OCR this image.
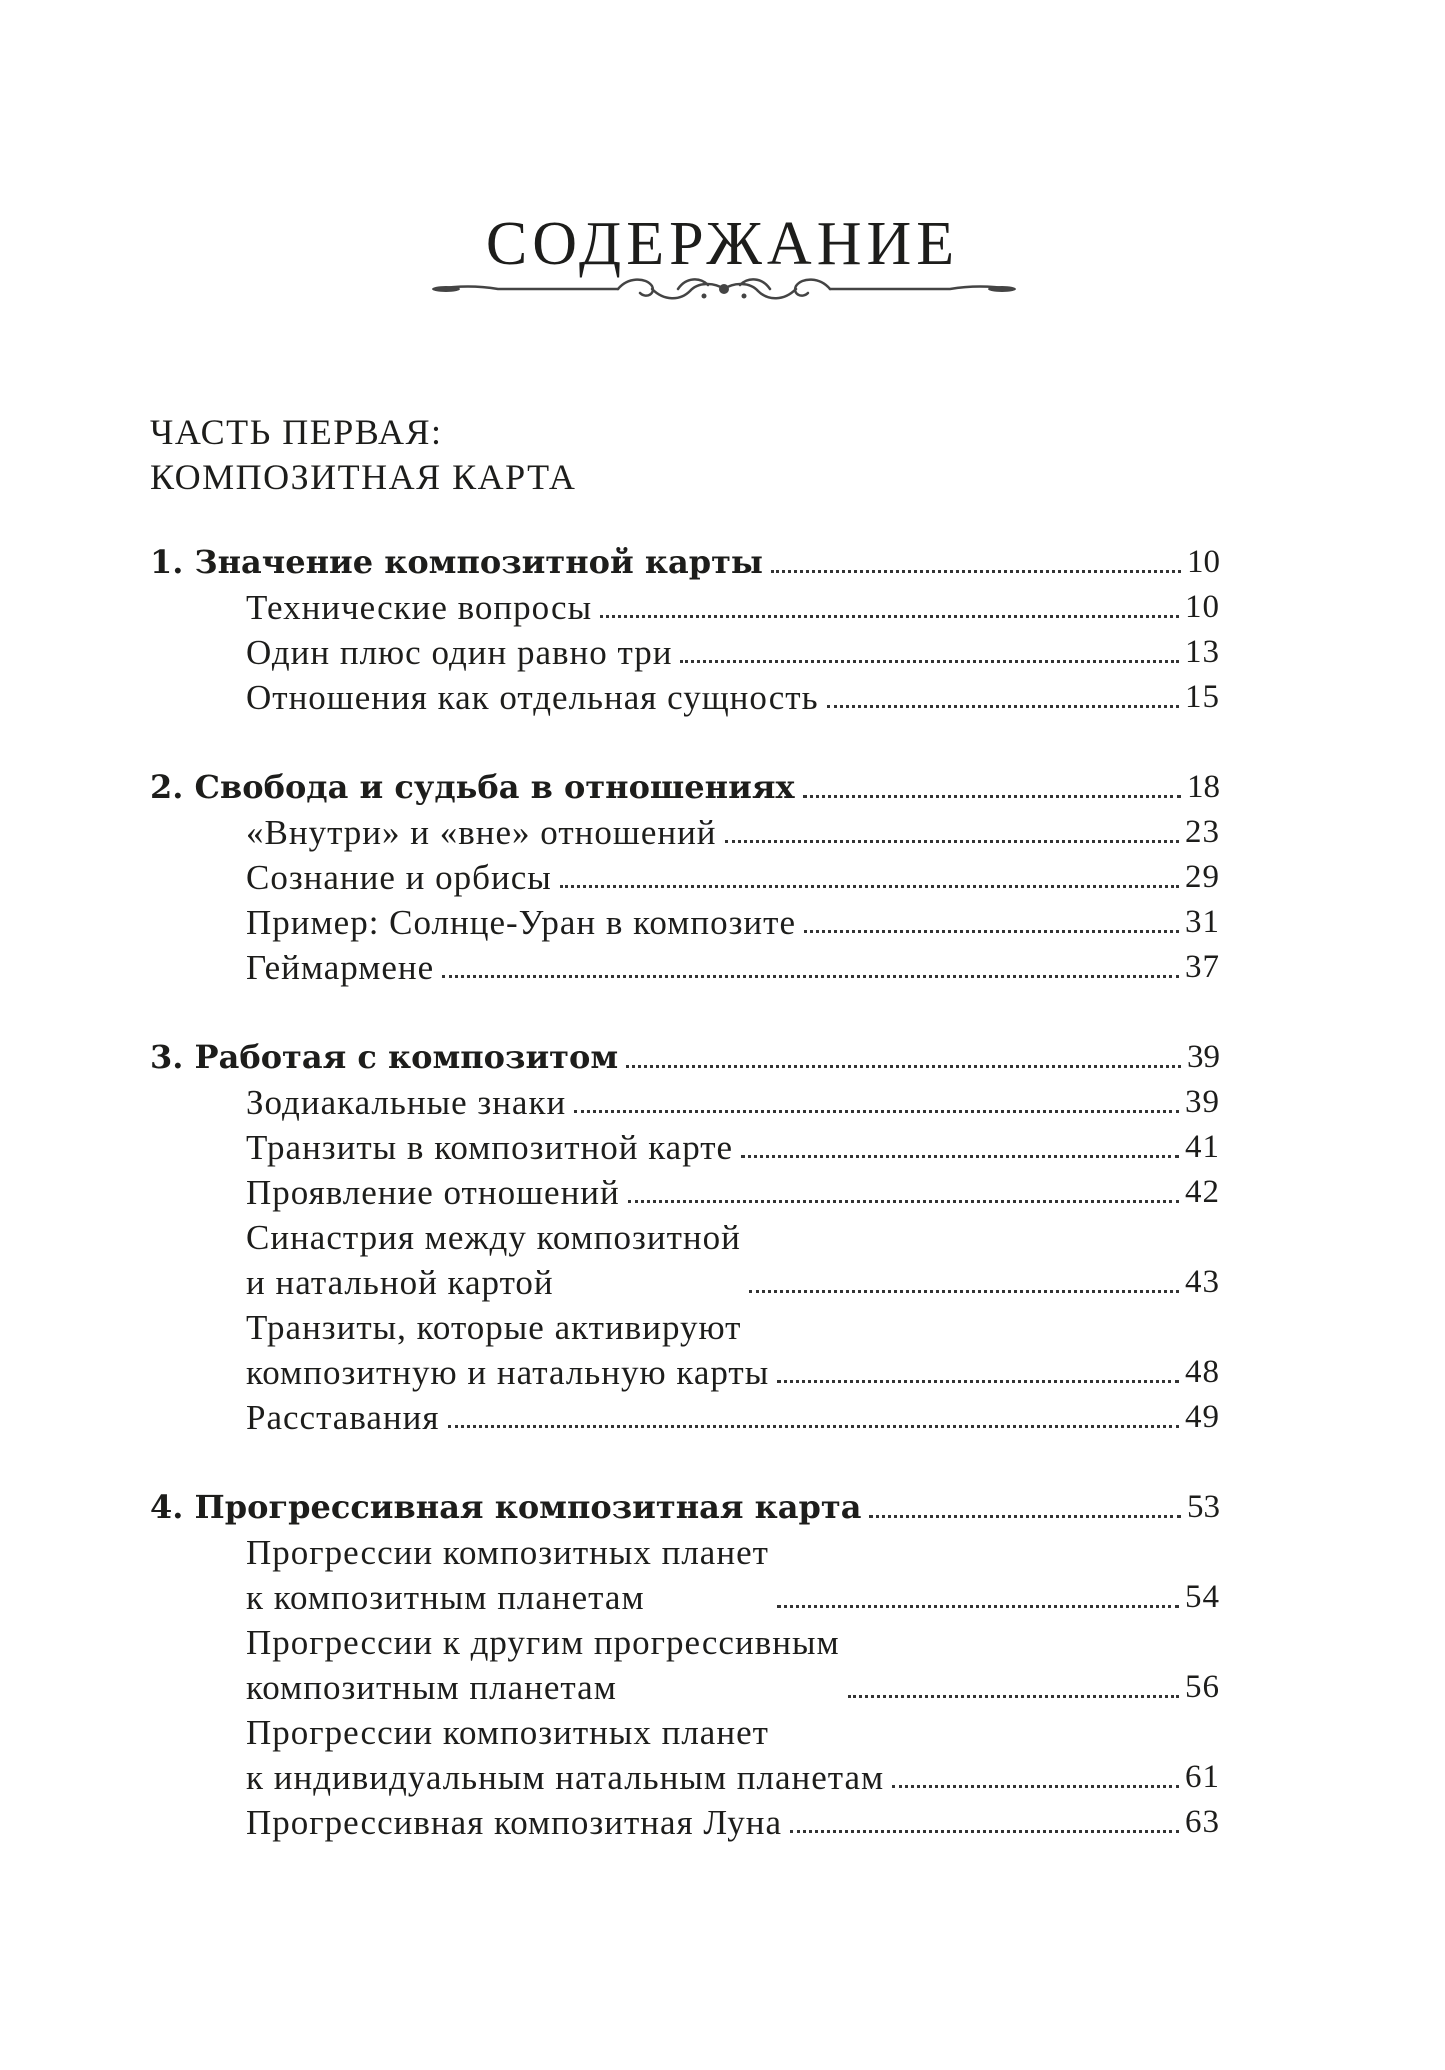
СОДЕРЖАНИЕ
ЧАСТЬ ПЕРВАЯ:
КОМПОЗИТНАЯ КАРТА
1. Значение композитной карты	10
Технические вопросы	10
Один плюс один равно три	13
Отношения как отдельная сущность	15
2. Свобода и судьба в отношениях	18
«Внутри» и «вне» отношений	23
Сознание и орбисы	29
Пример: Солнце-Уран в композите	31
Геймармене	37
3. Работая с композитом	39
Зодиакальные знаки	39
Транзиты в композитной карте	41
Проявление отношений	42
Синастрия между композитной
и натальной картой	43
Транзиты, которые активируют
композитную и натальную карты	48
Расставания	49
4. Прогрессивная композитная карта	53
Прогрессии композитных планет
к композитным планетам	54
Прогрессии к другим прогрессивным
композитным планетам	56
Прогрессии композитных планет
к индивидуальным натальным планетам	61
Прогрессивная композитная Луна	63
